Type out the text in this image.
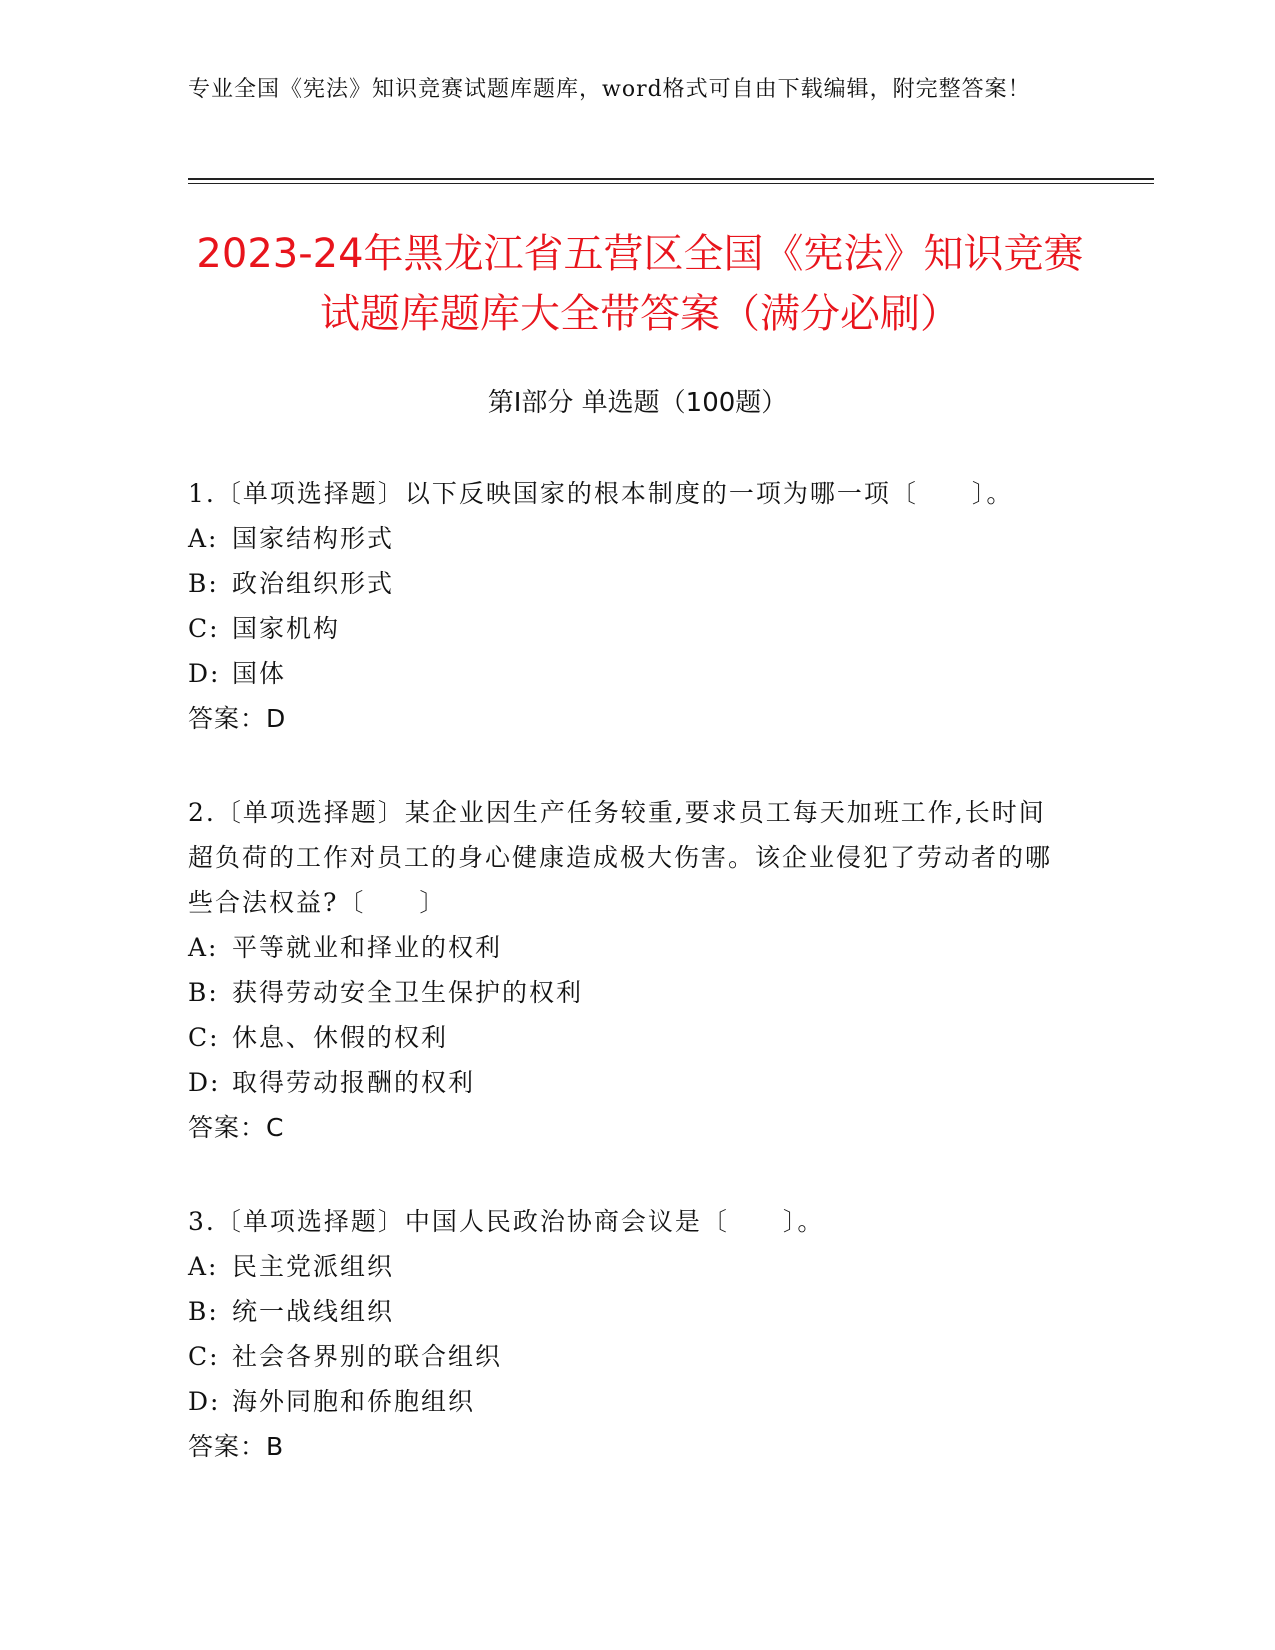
专业全国《宪法》知识竞赛试题库题库，word格式可自由下载编辑，附完整答案！
2023-24年黑龙江省五营区全国《宪法》知识竞赛试题库题库大全带答案（满分必刷）
第I部分 单选题（100题）

1.〔单项选择题〕以下反映国家的根本制度的一项为哪一项〔　　〕。

A: 国家结构形式

B: 政治组织形式

C: 国家机构

D: 国体

答案：D

2.〔单项选择题〕某企业因生产任务较重,要求员工每天加班工作,长时间超负荷的工作对员工的身心健康造成极大伤害。该企业侵犯了劳动者的哪些合法权益?〔　　〕

A: 平等就业和择业的权利

B: 获得劳动安全卫生保护的权利

C: 休息、休假的权利

D: 取得劳动报酬的权利

答案：C

3.〔单项选择题〕中国人民政治协商会议是〔　　〕。

A: 民主党派组织

B: 统一战线组织

C: 社会各界别的联合组织

D: 海外同胞和侨胞组织

答案：B
